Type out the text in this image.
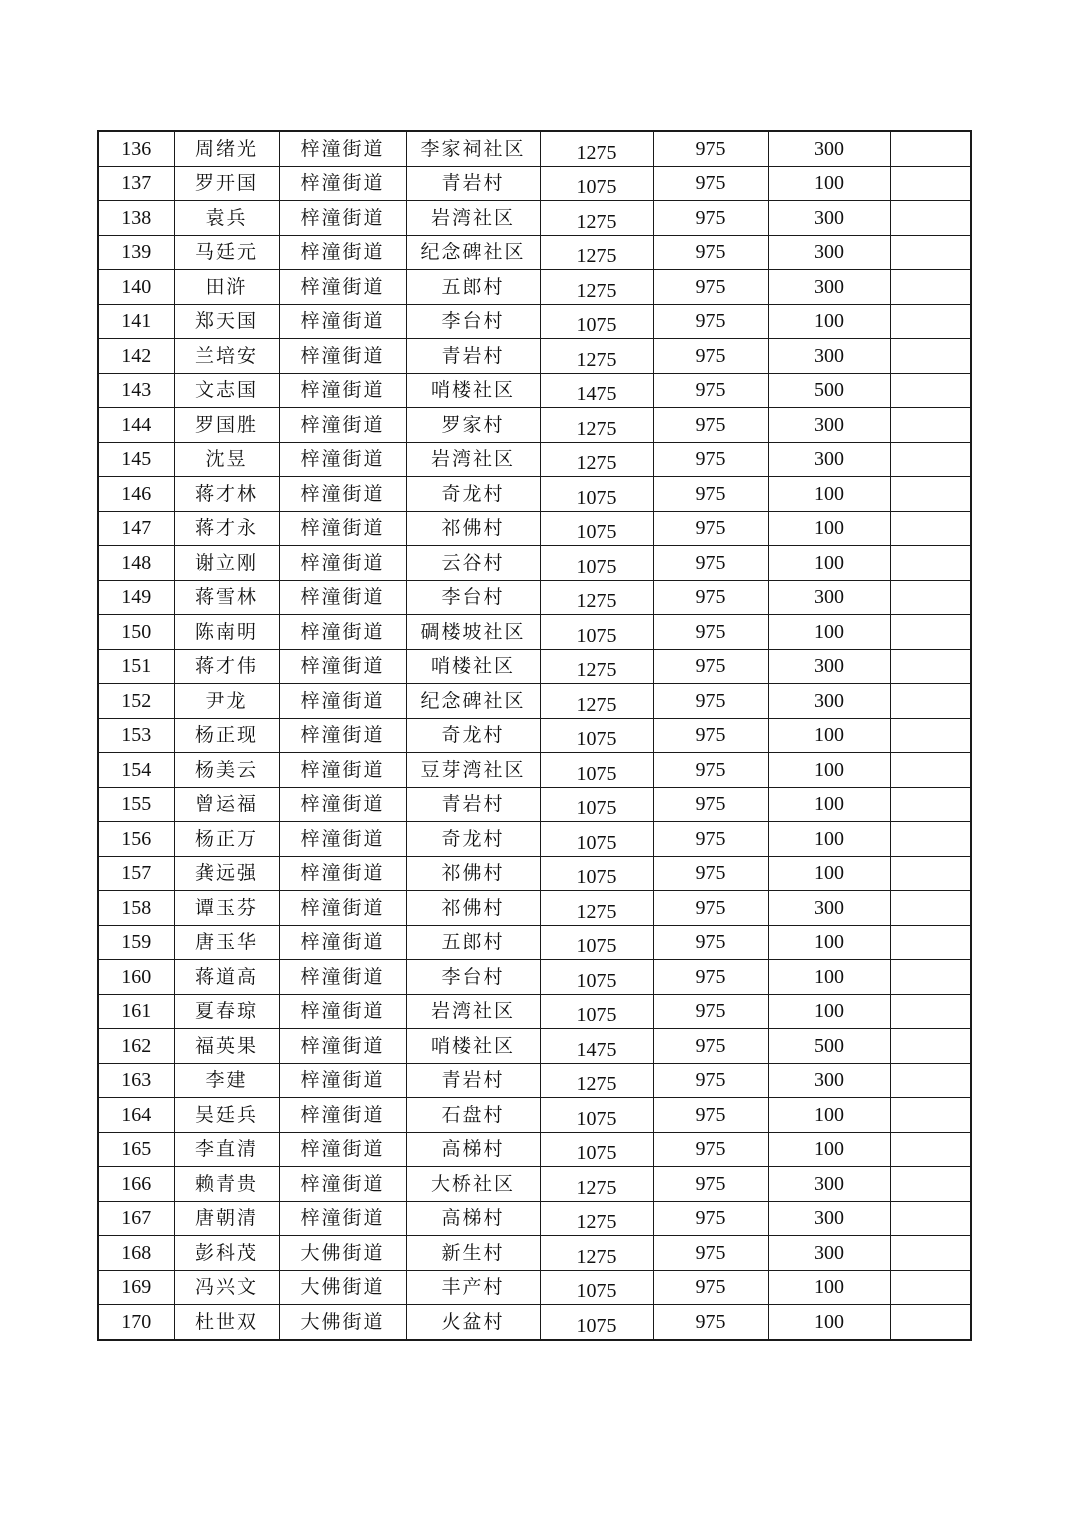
136	周绪光	梓潼街道	李家祠社区	1275	975	300	
137	罗开国	梓潼街道	青岩村	1075	975	100	
138	袁兵	梓潼街道	岩湾社区	1275	975	300	
139	马廷元	梓潼街道	纪念碑社区	1275	975	300	
140	田浒	梓潼街道	五郎村	1275	975	300	
141	郑天国	梓潼街道	李台村	1075	975	100	
142	兰培安	梓潼街道	青岩村	1275	975	300	
143	文志国	梓潼街道	哨楼社区	1475	975	500	
144	罗国胜	梓潼街道	罗家村	1275	975	300	
145	沈昱	梓潼街道	岩湾社区	1275	975	300	
146	蒋才林	梓潼街道	奇龙村	1075	975	100	
147	蒋才永	梓潼街道	祁佛村	1075	975	100	
148	谢立刚	梓潼街道	云谷村	1075	975	100	
149	蒋雪林	梓潼街道	李台村	1275	975	300	
150	陈南明	梓潼街道	碉楼坡社区	1075	975	100	
151	蒋才伟	梓潼街道	哨楼社区	1275	975	300	
152	尹龙	梓潼街道	纪念碑社区	1275	975	300	
153	杨正现	梓潼街道	奇龙村	1075	975	100	
154	杨美云	梓潼街道	豆芽湾社区	1075	975	100	
155	曾运福	梓潼街道	青岩村	1075	975	100	
156	杨正万	梓潼街道	奇龙村	1075	975	100	
157	龚远强	梓潼街道	祁佛村	1075	975	100	
158	谭玉芬	梓潼街道	祁佛村	1275	975	300	
159	唐玉华	梓潼街道	五郎村	1075	975	100	
160	蒋道高	梓潼街道	李台村	1075	975	100	
161	夏春琼	梓潼街道	岩湾社区	1075	975	100	
162	福英果	梓潼街道	哨楼社区	1475	975	500	
163	李建	梓潼街道	青岩村	1275	975	300	
164	吴廷兵	梓潼街道	石盘村	1075	975	100	
165	李直清	梓潼街道	高梯村	1075	975	100	
166	赖青贵	梓潼街道	大桥社区	1275	975	300	
167	唐朝清	梓潼街道	高梯村	1275	975	300	
168	彭科茂	大佛街道	新生村	1275	975	300	
169	冯兴文	大佛街道	丰产村	1075	975	100	
170	杜世双	大佛街道	火盆村	1075	975	100	
